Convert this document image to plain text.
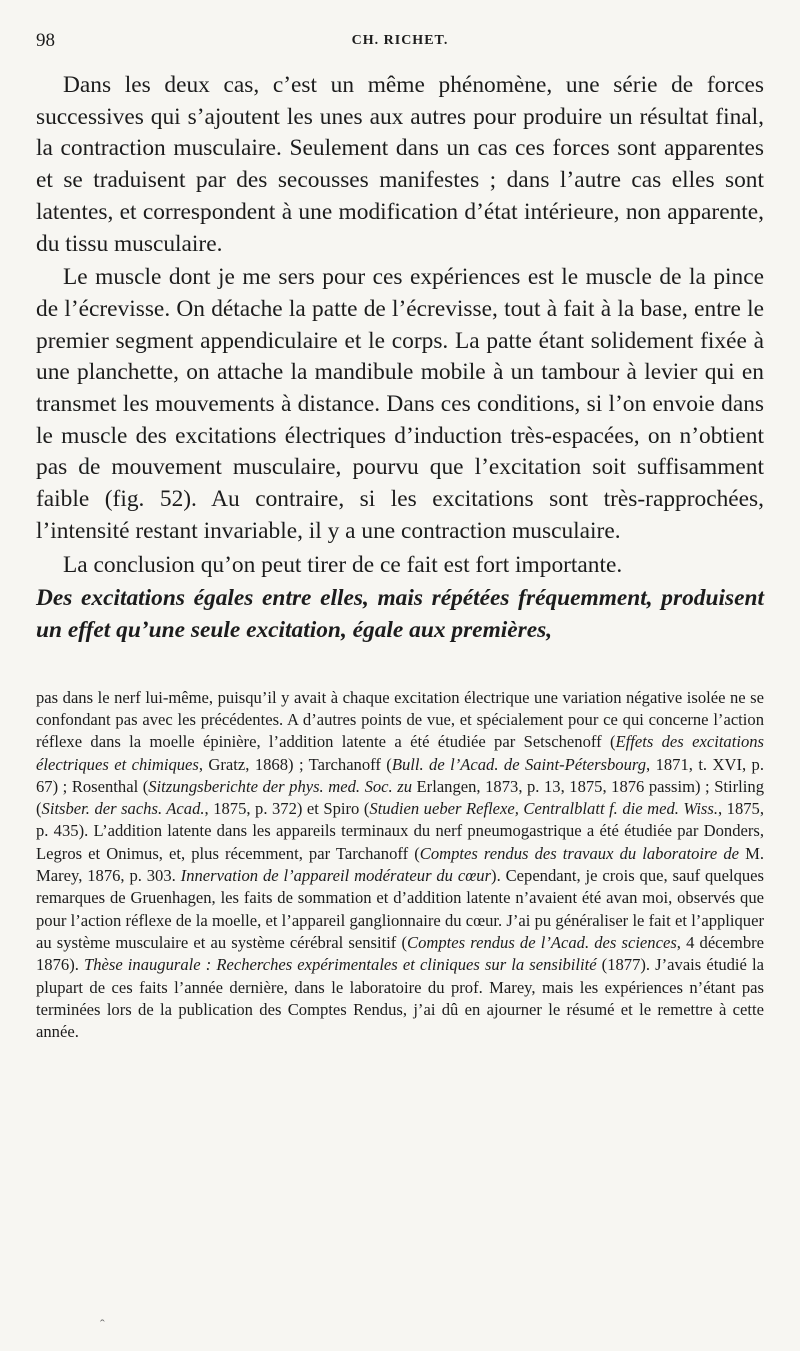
98	CH. RICHET.

Dans les deux cas, c’est un même phénomène, une série de forces successives qui s’ajoutent les unes aux autres pour produire un résultat final, la contraction musculaire. Seulement dans un cas ces forces sont apparentes et se traduisent par des secousses manifestes ; dans l’autre cas elles sont latentes, et correspondent à une modification d’état intérieure, non apparente, du tissu musculaire.

Le muscle dont je me sers pour ces expériences est le muscle de la pince de l’écrevisse. On détache la patte de l’écrevisse, tout à fait à la base, entre le premier segment appendiculaire et le corps. La patte étant solidement fixée à une planchette, on attache la mandibule mobile à un tambour à levier qui en transmet les mouvements à distance. Dans ces conditions, si l’on envoie dans le muscle des excitations électriques d’induction très-espacées, on n’obtient pas de mouvement musculaire, pourvu que l’excitation soit suffisamment faible (fig. 52). Au contraire, si les excitations sont très-rapprochées, l’intensité restant invariable, il y a une contraction musculaire.

La conclusion qu’on peut tirer de ce fait est fort importante.

Des excitations égales entre elles, mais répétées fréquemment, produisent un effet qu’une seule excitation, égale aux premières,

pas dans le nerf lui-même, puisqu’il y avait à chaque excitation électrique une variation négative isolée ne se confondant pas avec les précédentes. A d’autres points de vue, et spécialement pour ce qui concerne l’action réflexe dans la moelle épinière, l’addition latente a été étudiée par Setschenoff (Effets des excitations électriques et chimiques, Gratz, 1868) ; Tarchanoff (Bull. de l’Acad. de Saint-Pétersbourg, 1871, t. XVI, p. 67) ; Rosenthal (Sitzungsberichte der phys. med. Soc. zu Erlangen, 1873, p. 13, 1875, 1876 passim) ; Stirling (Sitsber. der sachs. Acad., 1875, p. 372) et Spiro (Studien ueber Reflexe, Centralblatt f. die med. Wiss., 1875, p. 435). L’addition latente dans les appareils terminaux du nerf pneumogastrique a été étudiée par Donders, Legros et Onimus, et, plus récemment, par Tarchanoff (Comptes rendus des travaux du laboratoire de M. Marey, 1876, p. 303. Innervation de l’appareil modérateur du cœur). Cependant, je crois que, sauf quelques remarques de Gruenhagen, les faits de sommation et d’addition latente n’avaient été avan moi, observés que pour l’action réflexe de la moelle, et l’appareil ganglionnaire du cœur. J’ai pu généraliser le fait et l’appliquer au système musculaire et au système cérébral sensitif (Comptes rendus de l’Acad. des sciences, 4 décembre 1876). Thèse inaugurale : Recherches expérimentales et cliniques sur la sensibilité (1877). J’avais étudié la plupart de ces faits l’année dernière, dans le laboratoire du prof. Marey, mais les expériences n’étant pas terminées lors de la publication des Comptes Rendus, j’ai dû en ajourner le résumé et le remettre à cette année.

ˆ
